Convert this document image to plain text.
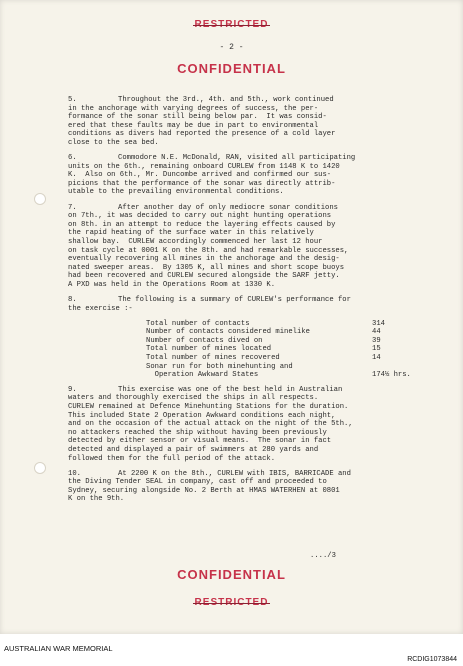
RESTRICTED
- 2 -
CONFIDENTIAL
5.	Throughout the 3rd., 4th. and 5th., work continued
in the anchorage with varying degrees of success, the per-
formance of the sonar still being below par.  It was consid-
ered that these faults may be due in part to environmental
conditions as divers had reported the presence of a cold layer
close to the sea bed.
6.	Commodore N.E. McDonald, RAN, visited all participating
units on the 6th., remaining onboard CURLEW from 1148 K to 1420
K.  Also on 6th., Mr. Duncombe arrived and confirmed our sus-
picions that the performance of the sonar was directly attrib-
utable to the prevailing environmental conditions.
7.	After another day of only mediocre sonar conditions
on 7th., it was decided to carry out night hunting operations
on 8th. in an attempt to reduce the layering effects caused by
the rapid heating of the surface water in this relatively
shallow bay.  CURLEW accordingly commenced her last 12 hour
on task cycle at 0001 K on the 8th. and had remarkable successes,
eventually recovering all mines in the anchorage and the desig-
nated sweeper areas.  By 1305 K, all mines and short scope buoys
had been recovered and CURLEW secured alongside the SARF jetty.
A PXD was held in the Operations Room at 1330 K.
8.	The following is a summary of CURLEW's performance for
the exercise :-
Total number of contacts	314
Number of contacts considered minelike	44
Number of contacts dived on	39
Total number of mines located	15
Total number of mines recovered	14
Sonar run for both minehunting and
Operation Awkward States	174½ hrs.
9.	This exercise was one of the best held in Australian
waters and thoroughly exercised the ships in all respects.
CURLEW remained at Defence Minehunting Stations for the duration.
This included State 2 Operation Awkward conditions each night,
and on the occasion of the actual attack on the night of the 5th.,
no attackers reached the ship without having been previously
detected by either sensor or visual means.  The sonar in fact
detected and displayed a pair of swimmers at 280 yards and
followed them for the full period of the attack.
10.	At 2200 K on the 8th., CURLEW with IBIS, BARRICADE and
the Diving Tender SEAL in company, cast off and proceeded to
Sydney, securing alongside No. 2 Berth at HMAS WATERHEN at 0801
K on the 9th.
..../3
CONFIDENTIAL
RESTRICTED
AUSTRALIAN WAR MEMORIAL
RCDIG1073844
